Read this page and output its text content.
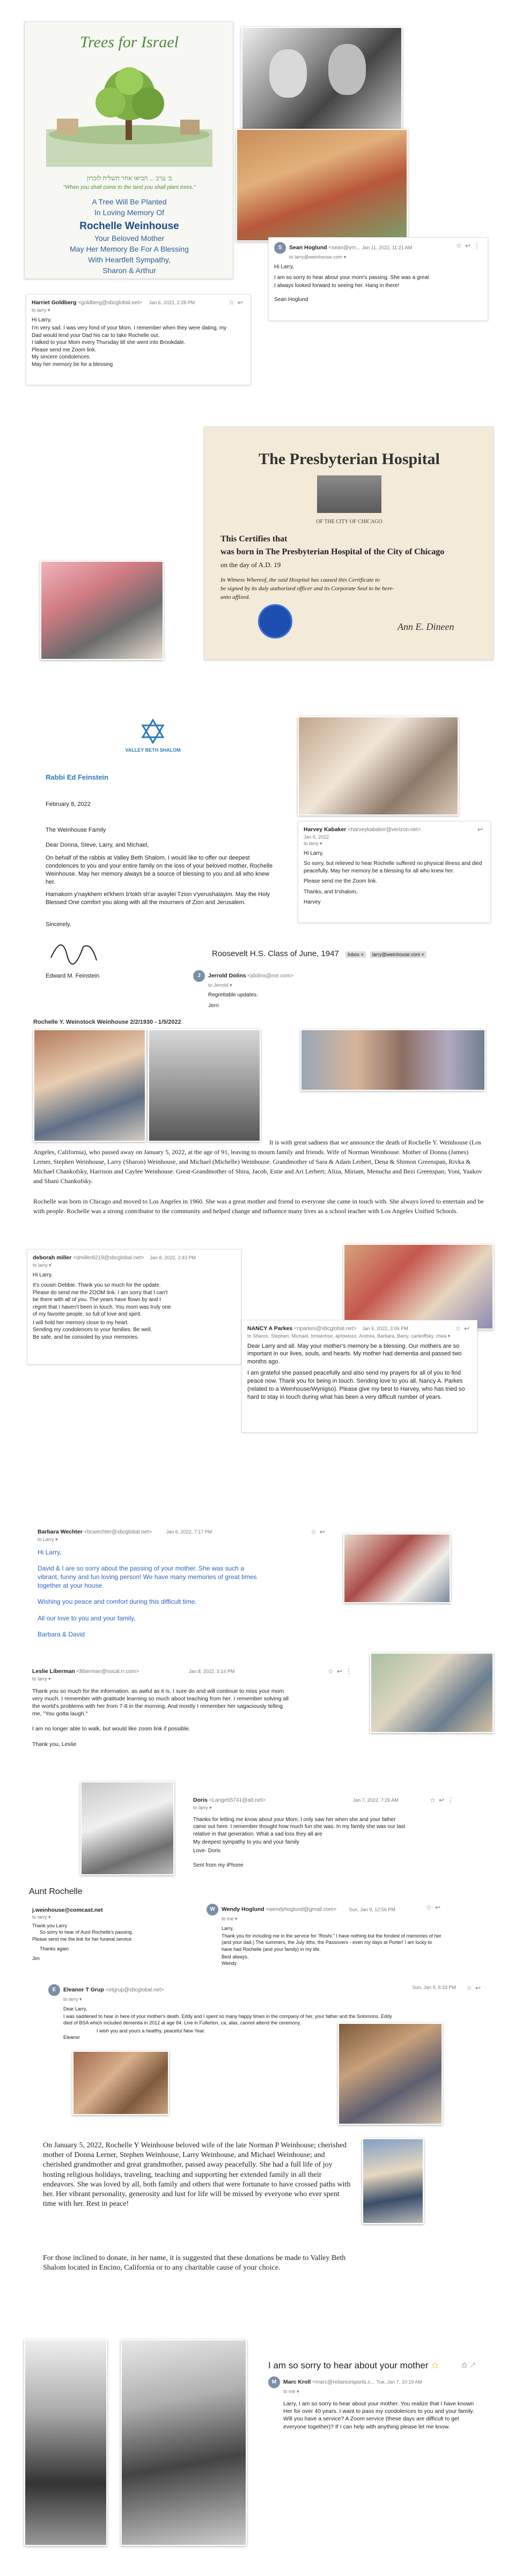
Trees for Israel
ב׳ ערב ... הביאו אחר תשליח לזכרון
"When you shall come to the land you shall plant trees."
A Tree Will Be Planted
In Loving Memory Of
Rochelle Weinhouse
Your Beloved Mother
May Her Memory Be For A Blessing
With Heartfelt Sympathy,
Sharon & Arthur
S Sean Hoglund <sean@ym... Jan 11, 2022, 11:21 AM	☆↩⋮
to larry@weinhouse.com ▾

Hi Larry,

I am so sorry to hear about your mom's passing. She was a great

I always looked forward to seeing her. Hang in there!

Sean Hoglund

Harriet Goldberg <goldberg@sbcglobal.net> Jan 6, 2022, 2:28 PM	☆↩
to larry ▾

Hi Larry,

I'm very sad. I was very fond of your Mom. I remember when they were dating, my

Dad would lend your Dad his car to take Rochelle out.

I talked to your Mom every Thursday till she went into Brookdale.

Please send me Zoom link.

My sincere condolences.

May her memory be for a blessing

The Presbyterian Hospital
OF THE CITY OF CHICAGO
This Certifies that
was born in The Presbyterian Hospital of the City of Chicago
on the day of A.D. 19
In Witness Whereof, the said Hospital has caused this Certificate to
be signed by its duly authorized officer and its Corporate Seal to be here-
unto affixed.
Ann E. Dineen
VALLEY BETH SHALOM
Rabbi Ed Feinstein
February 8, 2022
The Weinhouse Family
Dear Donna, Steve, Larry, and Michael,
On behalf of the rabbis at Valley Beth Shalom, I would like to offer our deepest condolences to you and your entire family on the loss of your beloved mother, Rochelle Weinhouse. May her memory always be a source of blessing to you and all who knew her.
Hamakom y'naykhem et'khem b'tokh sh'ar avaylei Tzion v'yerushalayim. May the Holy Blessed One comfort you along with all the mourners of Zion and Jerusalem.
Sincerely,
Edward M. Feinstein
Harvey Kabaker <harveykabaker@verizon.net>	↩
Jan 6, 2022
to larry ▾

Hi Larry,

So sorry, but relieved to hear Rochelle suffered no physical illness and died peacefully. May her memory be a blessing for all who knew her.

Please send me the Zoom link.

Thanks, and b'shalom,

Harvey

Roosevelt H.S. Class of June, 1947 Inbox × larry@weinhouse.com ×
J Jerrold Dolins <jdolins@me.com>
to Jerrold ▾

Regrettable updates.

Jerri

Rochelle Y. Weinstock Weinhouse 2/2/1930 - 1/5/2022
It is with great sadness that we announce the death of Rochelle Y. Weinhouse (Los Angeles, California), who passed away on January 5, 2022, at the age of 91, leaving to mourn family and friends. Wife of Norman Weinhouse. Mother of Donna (James) Lerner, Stephen Weinhouse, Larry (Sharon) Weinhouse, and Michael (Michelle) Weinhouse. Grandmother of Sara & Adam Lerbert, Dena & Shimon Greenspan, Rivka & Michael Chankofsky, Harrison and Caylee Weinhouse. Great-Grandmother of Shira, Jacob, Estie and Ari Lerbert; Aliza, Miriam, Menucha and Bezi Greenspan; Yoni, Yaakov and Shani Chankofsky.
Rochelle was born in Chicago and moved to Los Angeles in 1960. She was a great mother and friend to everyone she came in touch with. She always loved to entertain and be with people. Rochelle was a strong contributor to the community and helped change and influence many lives as a school teacher with Los Angeles Unified Schools.
deborah miller <dmiller8219@sbcglobal.net> Jan 8, 2022, 2:43 PM
to larry ▾

Hi Larry,

It's cousin Debbie. Thank you so much for the update. Please do send me the ZOOM link. I am sorry that I can't be there with all of you. The years have flown by and I regret that I haven't been in touch. You mom was truly one of my favorite people, so full of love and spirit.

I will hold her memory close to my heart.

Sending my condolences to your families. Be well.

Be safe, and be consoled by your memories.

NANCY A Parkes <nparkes@sbcglobal.net> Jan 6, 2022, 3:06 PM	☆↩
to Sharon, Stephen, Michael, bmwinhse, ajrlowisso, Andrea, Barbara, Barry, cankoffsky, chea ▾

Dear Larry and all. May your mother's memory be a blessing. Our mothers are so important in our lives, souls, and hearts. My mother had dementia and passed two months ago.

I am grateful she passed peacefully and also send my prayers for all of you to find peace now. Thank you for being in touch. Sending love to you all. Nancy A. Parkes (related to a Weinhouse/Wynigso). Please give my best to Harvey, who has tried so hard to stay in touch during what has been a very difficult number of years.

Barbara Wechter <bcwechter@sbcglobal.net>	Jan 6, 2022, 7:17 PM	☆↩
to Larry ▾

Hi Larry,

David & I are so sorry about the passing of your mother. She was such a vibrant, funny and fun loving person! We have many memories of great times together at your house.

Wishing you peace and comfort during this difficult time.

All our love to you and your family,

Barbara & David

Leslie Liberman <lliberman@socal.rr.com>	Jan 8, 2022, 3:14 PM	☆↩⋮
to larry ▾

Thank you so much for the information. as awful as it is. I sure do and will continue to miss your mom very much. I remember with gratitude learning so much about teaching from her. I remember solving all the world's problems with her from 7-8 in the morning. And mostly I remember her sagaciously telling me, "You gotta laugh."

I am no longer able to walk, but would like zoom link if possible.

Thank you, Leslie

Doris <Lange65741@att.net>	Jan 7, 2022, 7:26 AM	☆↩⋮
to larry ▾

Thanks for letting me know about your Mom. I only saw her when she and your father came out here. I remember thought how much fun she was. In my family she was our last relative in that generation. What a sad loss they all are

My deepest sympathy to you and your family

Love- Doris

Sent from my iPhone

Aunt Rochelle
j.weinhouse@comcast.net
to larry ▾

Thank you Larry

So sorry to hear of Aunt Rochelle's passing.

Please send me the link for her funeral service

Thanks again

Jim

W Wendy Hoglund <wendyhoglund@gmail.com>	Sun, Jan 9, 12:56 PM	☆↩
to me ▾

Larry,

Thank you for including me in the service for "Roshi." I have nothing but the fondest of memories of her (and your dad.) The summers, the July 4ths, the Passovers - even my days at Porter! I am lucky to have had Rochelle (and your family) in my life.

Best always,

Wendy

E Eleanor T Grup <etgrup@sbcglobal.net>	Sun, Jan 9, 6:33 PM ☆↩
to larry ▾

Dear Larry,

I was saddened to hear in here of your mother's death. Eddy and I spent so many happy times in the company of her, your father and the Solomons. Eddy died of BSA which included dementia in 2012 at age 84. Live in Fullerton, ca, alas, cannot attend the ceremony.

I wish you and yours a healthy, peaceful New Year.

Eleanor

On January 5, 2022, Rochelle Y Weinhouse beloved wife of the late Norman P Weinhouse; cherished mother of Donna Lerner, Stephen Weinhouse, Larry Weinhouse, and Michael Weinhouse; and cherished grandmother and great grandmother, passed away peacefully. She had a full life of joy hosting religious holidays, traveling, teaching and supporting her extended family in all their endeavors. She was loved by all, both family and others that were fortunate to have crossed paths with her. Her vibrant personality, generosity and lust for life will be missed by everyone who ever spent time with her. Rest in peace!
For those inclined to donate, in her name, it is suggested that these donations be made to Valley Beth Shalom located in Encino, California or to any charitable cause of your choice.
I am so sorry to hear about your mother ☆	⎙↗
M Marc Kroll <marc@reliancesports.c... Tue, Jan 7, 10:19 AM
to me ▾

Larry, I am so sorry to hear about your mother. You realize that I have known Her for over 40 years. I want to pass my condolences to you and your family. Will you have a service? A Zoom service (these days are difficult to get everyone together)? If I can help with anything please let me know.
